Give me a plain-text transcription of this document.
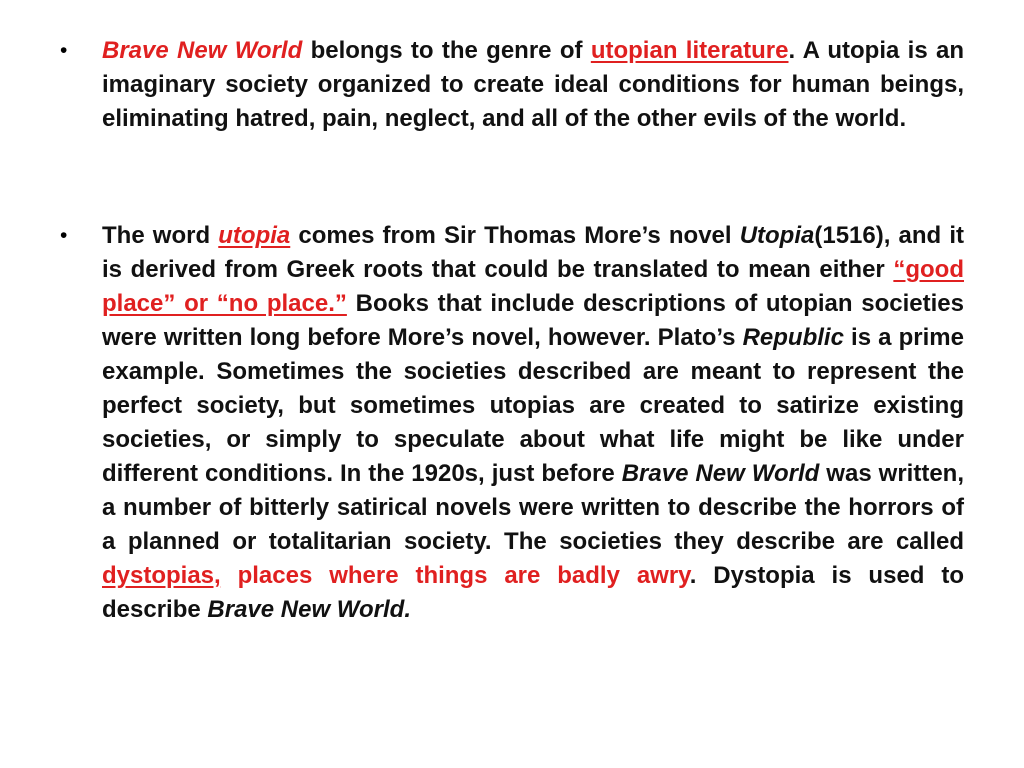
• Brave New World belongs to the genre of utopian literature. A utopia is an imaginary society organized to create ideal conditions for human beings, eliminating hatred, pain, neglect, and all of the other evils of the world.
• The word utopia comes from Sir Thomas More’s novel Utopia(1516), and it is derived from Greek roots that could be translated to mean either “good place” or “no place.” Books that include descriptions of utopian societies were written long before More’s novel, however. Plato’s Republic is a prime example. Sometimes the societies described are meant to represent the perfect society, but sometimes utopias are created to satirize existing societies, or simply to speculate about what life might be like under different conditions. In the 1920s, just before Brave New World was written, a number of bitterly satirical novels were written to describe the horrors of a planned or totalitarian society. The societies they describe are called dystopias, places where things are badly awry. Dystopia is used to describe Brave New World.
